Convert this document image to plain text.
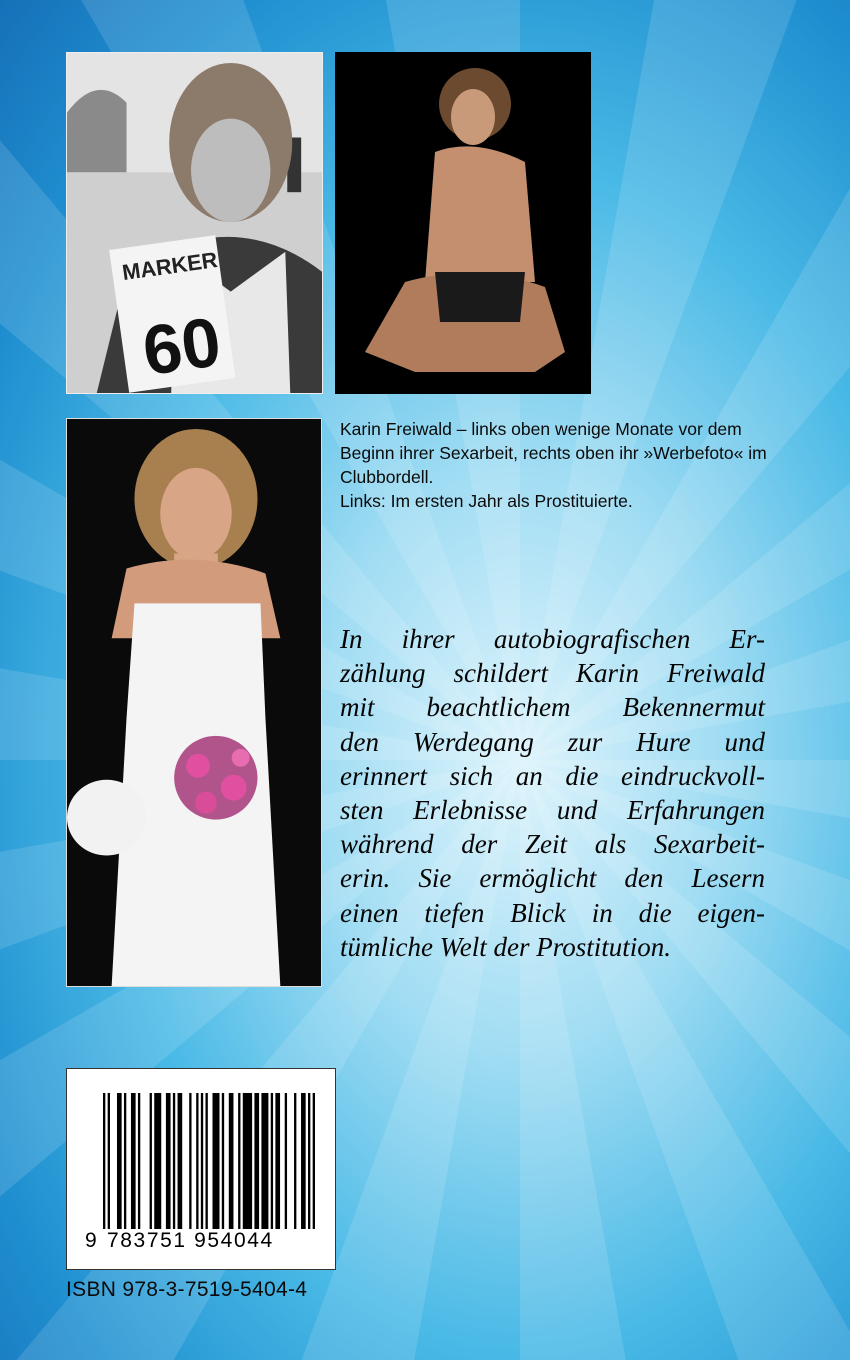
MARKER
60

Karin Freiwald – links oben wenige Monate vor dem Beginn ihrer Sexarbeit, rechts oben ihr »Werbefoto« im Clubbordell.

Links: Im ersten Jahr als Prostituierte.

In ihrer autobiografischen Er-
zählung schildert Karin Freiwald
mit beachtlichem Bekennermut
den Werdegang zur Hure und
erinnert sich an die eindruckvoll-
sten Erlebnisse und Erfahrungen
während der Zeit als Sexarbeit-
erin. Sie ermöglicht den Lesern
einen tiefen Blick in die eigen-
tümliche Welt der Prostitution.
9 783751 954044
ISBN 978-3-7519-5404-4
